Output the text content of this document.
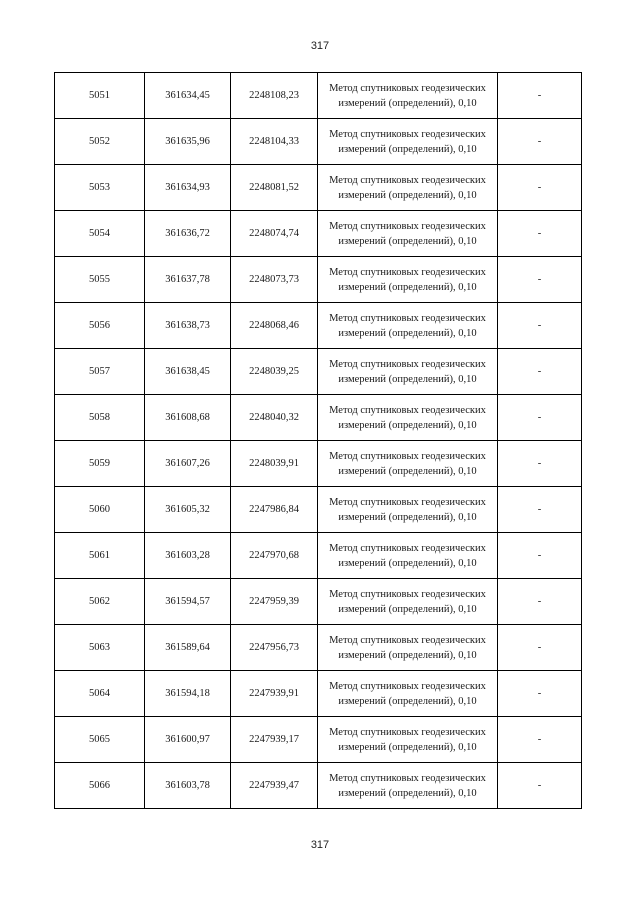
317
5051	361634,45	2248108,23	Метод спутниковых геодезических измерений (определений), 0,10	-
5052	361635,96	2248104,33	Метод спутниковых геодезических измерений (определений), 0,10	-
5053	361634,93	2248081,52	Метод спутниковых геодезических измерений (определений), 0,10	-
5054	361636,72	2248074,74	Метод спутниковых геодезических измерений (определений), 0,10	-
5055	361637,78	2248073,73	Метод спутниковых геодезических измерений (определений), 0,10	-
5056	361638,73	2248068,46	Метод спутниковых геодезических измерений (определений), 0,10	-
5057	361638,45	2248039,25	Метод спутниковых геодезических измерений (определений), 0,10	-
5058	361608,68	2248040,32	Метод спутниковых геодезических измерений (определений), 0,10	-
5059	361607,26	2248039,91	Метод спутниковых геодезических измерений (определений), 0,10	-
5060	361605,32	2247986,84	Метод спутниковых геодезических измерений (определений), 0,10	-
5061	361603,28	2247970,68	Метод спутниковых геодезических измерений (определений), 0,10	-
5062	361594,57	2247959,39	Метод спутниковых геодезических измерений (определений), 0,10	-
5063	361589,64	2247956,73	Метод спутниковых геодезических измерений (определений), 0,10	-
5064	361594,18	2247939,91	Метод спутниковых геодезических измерений (определений), 0,10	-
5065	361600,97	2247939,17	Метод спутниковых геодезических измерений (определений), 0,10	-
5066	361603,78	2247939,47	Метод спутниковых геодезических измерений (определений), 0,10	-
317
